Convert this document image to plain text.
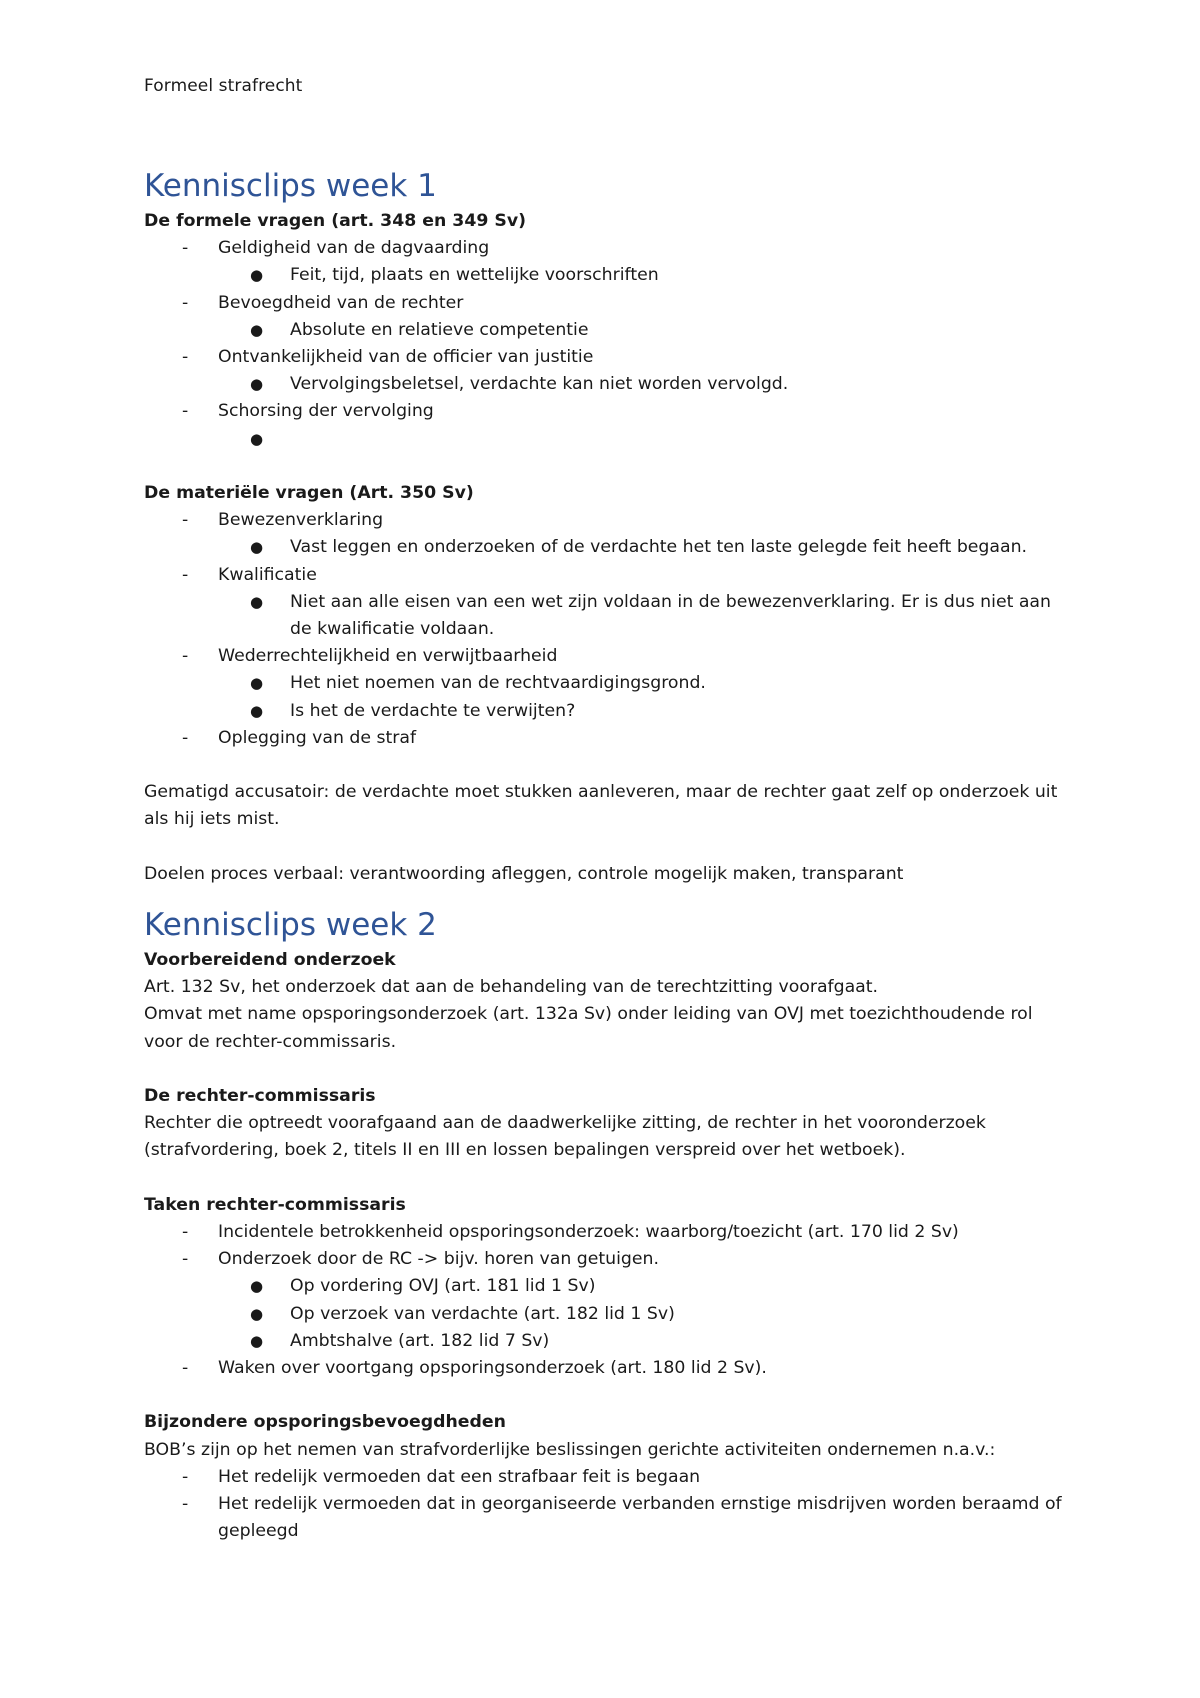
Formeel strafrecht
Kennisclips week 1
De formele vragen (art. 348 en 349 Sv)
- Geldigheid van de dagvaarding
● Feit, tijd, plaats en wettelijke voorschriften
- Bevoegdheid van de rechter
● Absolute en relatieve competentie
- Ontvankelijkheid van de officier van justitie
● Vervolgingsbeletsel, verdachte kan niet worden vervolgd.
- Schorsing der vervolging
●

De materiële vragen (Art. 350 Sv)
- Bewezenverklaring
● Vast leggen en onderzoeken of de verdachte het ten laste gelegde feit heeft begaan.
- Kwalificatie
● Niet aan alle eisen van een wet zijn voldaan in de bewezenverklaring. Er is dus niet aan de kwalificatie voldaan.
- Wederrechtelijkheid en verwijtbaarheid
● Het niet noemen van de rechtvaardigingsgrond.
● Is het de verdachte te verwijten?
- Oplegging van de straf
Gematigd accusatoir: de verdachte moet stukken aanleveren, maar de rechter gaat zelf op onderzoek uit als hij iets mist.
Doelen proces verbaal: verantwoording afleggen, controle mogelijk maken, transparant
Kennisclips week 2
Voorbereidend onderzoek
Art. 132 Sv, het onderzoek dat aan de behandeling van de terechtzitting voorafgaat.
Omvat met name opsporingsonderzoek (art. 132a Sv) onder leiding van OVJ met toezichthoudende rol voor de rechter-commissaris.
De rechter-commissaris
Rechter die optreedt voorafgaand aan de daadwerkelijke zitting, de rechter in het vooronderzoek (strafvordering, boek 2, titels II en III en lossen bepalingen verspreid over het wetboek).
Taken rechter-commissaris
- Incidentele betrokkenheid opsporingsonderzoek: waarborg/toezicht (art. 170 lid 2 Sv)
- Onderzoek door de RC -> bijv. horen van getuigen.
● Op vordering OVJ (art. 181 lid 1 Sv)
● Op verzoek van verdachte (art. 182 lid 1 Sv)
● Ambtshalve (art. 182 lid 7 Sv)
- Waken over voortgang opsporingsonderzoek (art. 180 lid 2 Sv).
Bijzondere opsporingsbevoegdheden
BOB’s zijn op het nemen van strafvorderlijke beslissingen gerichte activiteiten ondernemen n.a.v.:
- Het redelijk vermoeden dat een strafbaar feit is begaan
- Het redelijk vermoeden dat in georganiseerde verbanden ernstige misdrijven worden beraamd of gepleegd
